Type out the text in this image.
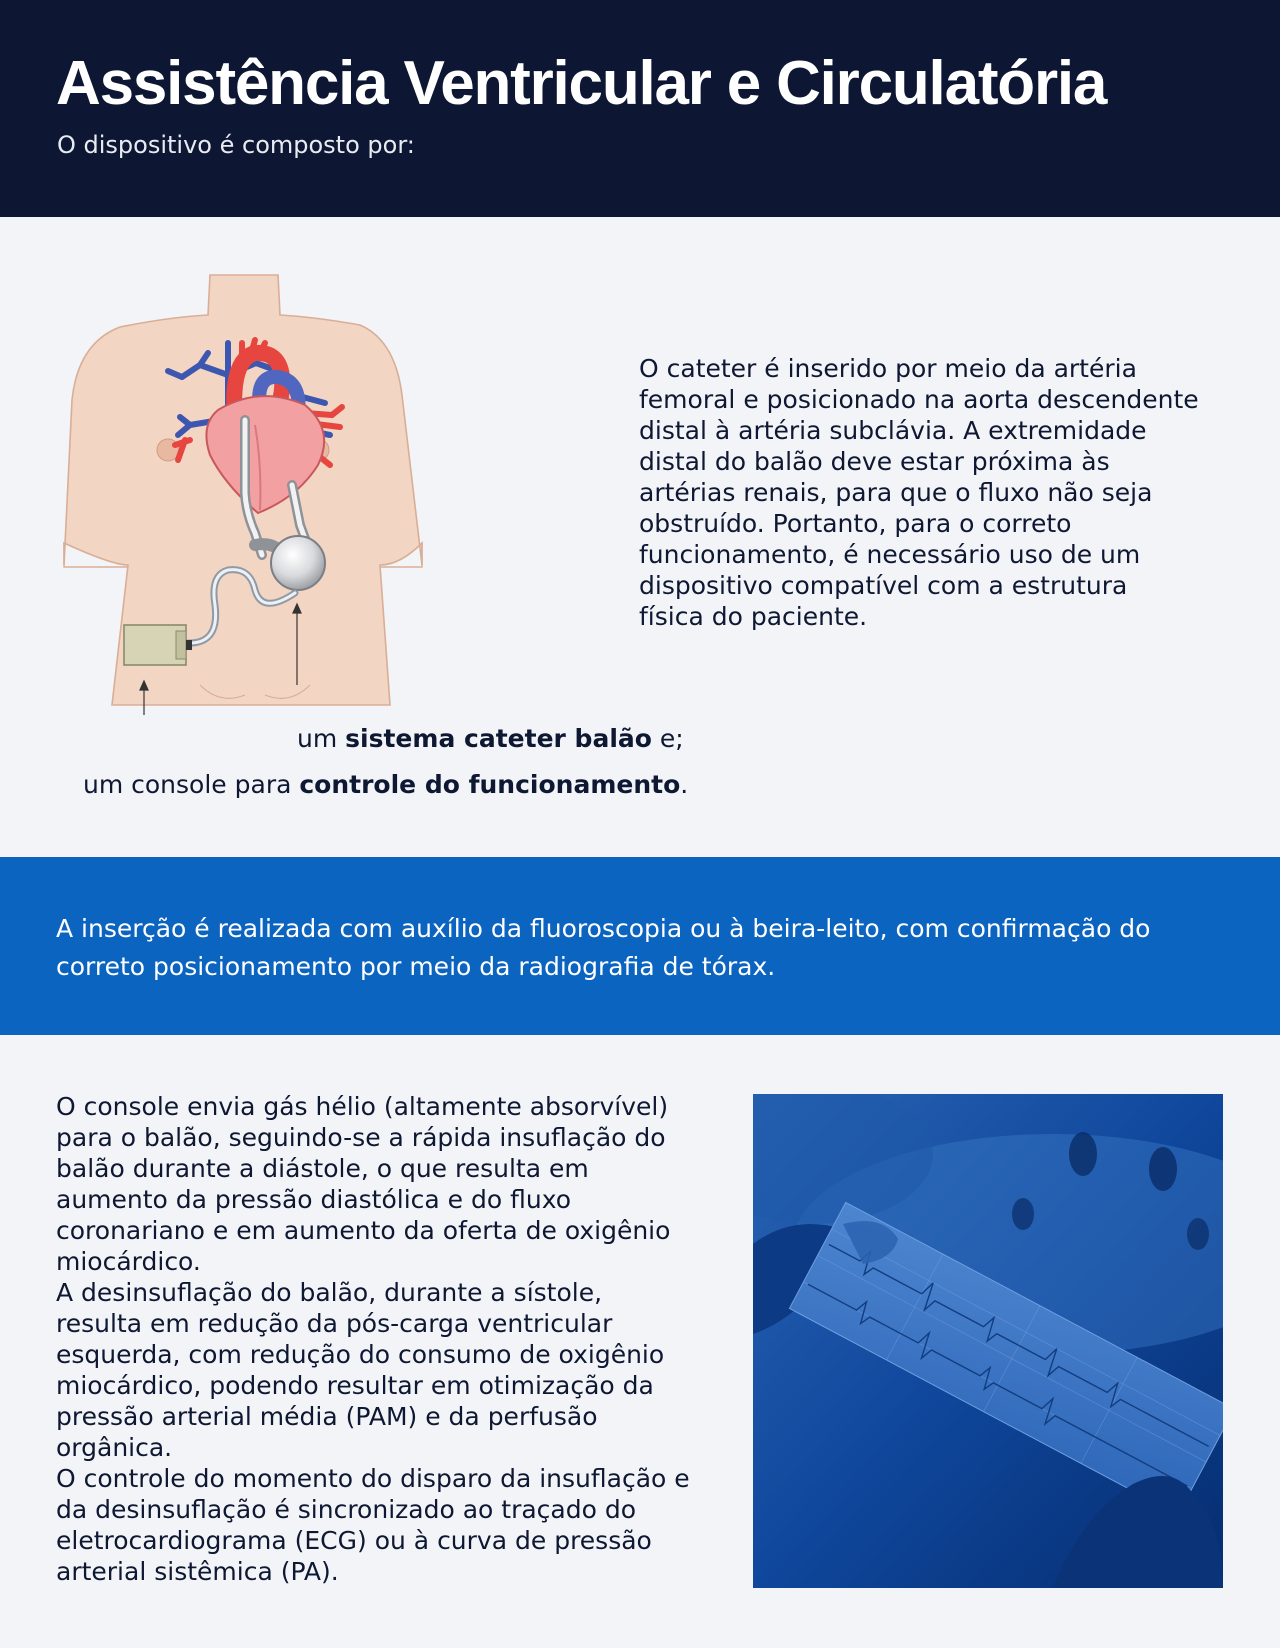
Assistência Ventricular e Circulatória
O dispositivo é composto por:
um sistema cateter balão e;
um console para controle do funcionamento.
O cateter é inserido por meio da artéria femoral e posicionado na aorta descendente distal à artéria subclávia. A extremidade distal do balão deve estar próxima às artérias renais, para que o fluxo não seja obstruído. Portanto, para o correto funcionamento, é necessário uso de um dispositivo compatível com a estrutura física do paciente.

A inserção é realizada com auxílio da fluoroscopia ou à beira-leito, com confirmação do correto posicionamento por meio da radiografia de tórax.

O console envia gás hélio (altamente absorvível) para o balão, seguindo-se a rápida insuflação do balão durante a diástole, o que resulta em aumento da pressão diastólica e do fluxo coronariano e em aumento da oferta de oxigênio miocárdico.

A desinsuflação do balão, durante a sístole, resulta em redução da pós-carga ventricular esquerda, com redução do consumo de oxigênio miocárdico, podendo resultar em otimização da pressão arterial média (PAM) e da perfusão orgânica.

O controle do momento do disparo da insuflação e da desinsuflação é sincronizado ao traçado do eletrocardiograma (ECG) ou à curva de pressão arterial sistêmica (PA).
